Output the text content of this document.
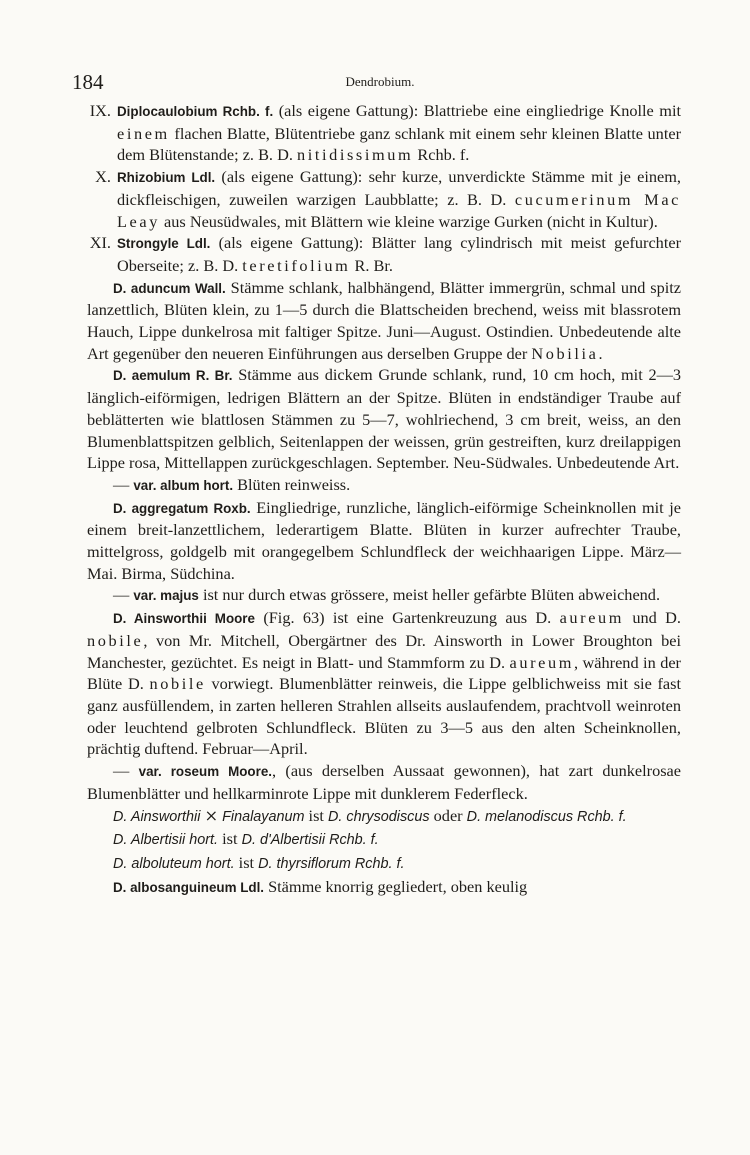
184	Dendrobium.

IX. Diplocaulobium Rchb. f. (als eigene Gattung): Blattriebe eine eingliedrige Knolle mit einem flachen Blatte, Blütentriebe ganz schlank mit einem sehr kleinen Blatte unter dem Blütenstande; z. B. D. nitidissimum Rchb. f.

X. Rhizobium Ldl. (als eigene Gattung): sehr kurze, unverdickte Stämme mit je einem, dickfleischigen, zuweilen warzigen Laubblatte; z. B. D. cucumerinum Mac Leay aus Neusüdwales, mit Blättern wie kleine warzige Gurken (nicht in Kultur).

XI. Strongyle Ldl. (als eigene Gattung): Blätter lang cylindrisch mit meist gefurchter Oberseite; z. B. D. teretifolium R. Br.

D. aduncum Wall. Stämme schlank, halbhängend, Blätter immergrün, schmal und spitz lanzettlich, Blüten klein, zu 1—5 durch die Blattscheiden brechend, weiss mit blassrotem Hauch, Lippe dunkelrosa mit faltiger Spitze. Juni—August. Ostindien. Unbedeutende alte Art gegenüber den neueren Einführungen aus derselben Gruppe der Nobilia.

D. aemulum R. Br. Stämme aus dickem Grunde schlank, rund, 10 cm hoch, mit 2—3 länglich-eiförmigen, ledrigen Blättern an der Spitze. Blüten in endständiger Traube auf beblätterten wie blattlosen Stämmen zu 5—7, wohlriechend, 3 cm breit, weiss, an den Blumenblattspitzen gelblich, Seitenlappen der weissen, grün gestreiften, kurz dreilappigen Lippe rosa, Mittellappen zurückgeschlagen. September. Neu-Südwales. Unbedeutende Art.

— var. album hort. Blüten reinweiss.

D. aggregatum Roxb. Eingliedrige, runzliche, länglich-eiförmige Scheinknollen mit je einem breit-lanzettlichem, lederartigem Blatte. Blüten in kurzer aufrechter Traube, mittelgross, goldgelb mit orangegelbem Schlundfleck der weichhaarigen Lippe. März—Mai. Birma, Südchina.

— var. majus ist nur durch etwas grössere, meist heller gefärbte Blüten abweichend.

D. Ainsworthii Moore (Fig. 63) ist eine Gartenkreuzung aus D. aureum und D. nobile, von Mr. Mitchell, Obergärtner des Dr. Ainsworth in Lower Broughton bei Manchester, gezüchtet. Es neigt in Blatt- und Stammform zu D. aureum, während in der Blüte D. nobile vorwiegt. Blumenblätter reinweis, die Lippe gelblichweiss mit sie fast ganz ausfüllendem, in zarten helleren Strahlen allseits auslaufendem, prachtvoll weinroten oder leuchtend gelbroten Schlundfleck. Blüten zu 3—5 aus den alten Scheinknollen, prächtig duftend. Februar—April.

— var. roseum Moore., (aus derselben Aussaat gewonnen), hat zart dunkelrosae Blumenblätter und hellkarminrote Lippe mit dunklerem Federfleck.

D. Ainsworthii ⨯ Finalayanum ist D. chrysodiscus oder D. melanodiscus Rchb. f.

D. Albertisii hort. ist D. d'Albertisii Rchb. f.

D. alboluteum hort. ist D. thyrsiflorum Rchb. f.

D. albosanguineum Ldl. Stämme knorrig gegliedert, oben keulig
